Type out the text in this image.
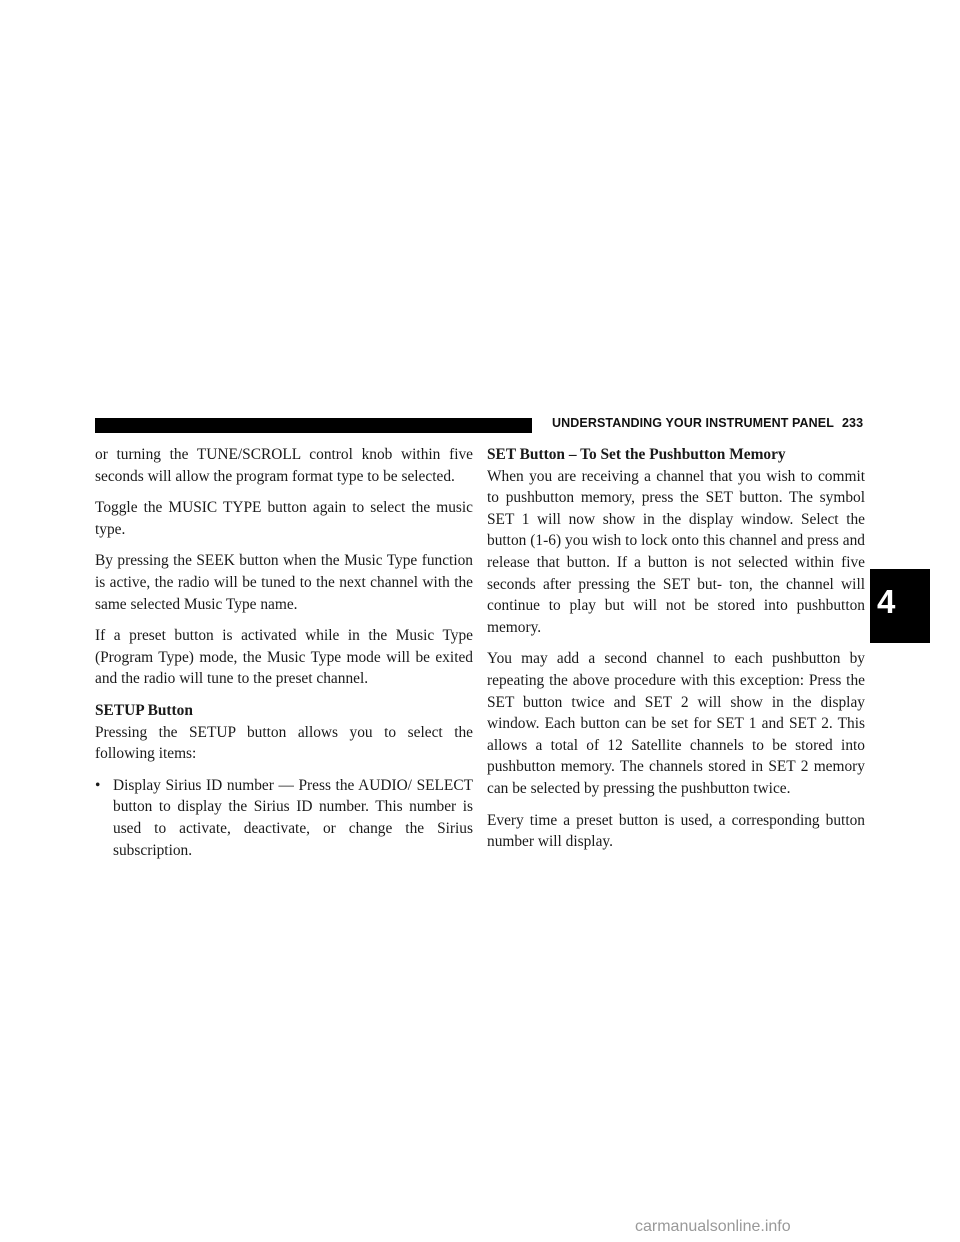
UNDERSTANDING YOUR INSTRUMENT PANEL 233
4

or turning the TUNE/SCROLL control knob within five seconds will allow the program format type to be selected.

Toggle the MUSIC TYPE button again to select the music type.

By pressing the SEEK button when the Music Type function is active, the radio will be tuned to the next channel with the same selected Music Type name.

If a preset button is activated while in the Music Type (Program Type) mode, the Music Type mode will be exited and the radio will tune to the preset channel.

SETUP Button

Pressing the SETUP button allows you to select the following items:

• Display Sirius ID number — Press the AUDIO/ SELECT button to display the Sirius ID number. This number is used to activate, deactivate, or change the Sirius subscription.
SET Button – To Set the Pushbutton Memory

When you are receiving a channel that you wish to commit to pushbutton memory, press the SET button. The symbol SET 1 will now show in the display window. Select the button (1-6) you wish to lock onto this channel and press and release that button. If a button is not selected within five seconds after pressing the SET but- ton, the channel will continue to play but will not be stored into pushbutton memory.

You may add a second channel to each pushbutton by repeating the above procedure with this exception: Press the SET button twice and SET 2 will show in the display window. Each button can be set for SET 1 and SET 2. This allows a total of 12 Satellite channels to be stored into pushbutton memory. The channels stored in SET 2 memory can be selected by pressing the pushbutton twice.

Every time a preset button is used, a corresponding button number will display.

carmanualsonline.info
